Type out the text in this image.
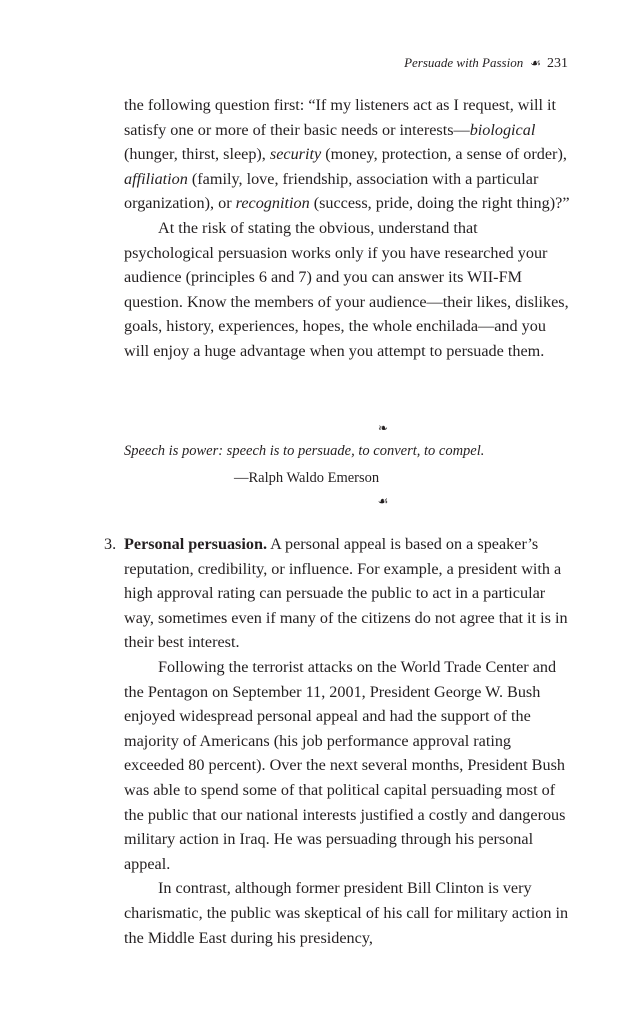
Persuade with Passion ☙ 231

the following question first: “If my listeners act as I request, will it satisfy one or more of their basic needs or interests—biological (hunger, thirst, sleep), security (money, protection, a sense of order), affiliation (family, love, friendship, association with a particular organization), or recognition (success, pride, doing the right thing)?”

At the risk of stating the obvious, understand that psychological persuasion works only if you have researched your audience (principles 6 and 7) and you can answer its WII-FM question. Know the members of your audience—their likes, dislikes, goals, history, experiences, hopes, the whole enchilada—and you will enjoy a huge advantage when you attempt to persuade them.

❧
Speech is power: speech is to persuade, to convert, to compel.
—Ralph Waldo Emerson
☙
3. Personal persuasion. A personal appeal is based on a speaker’s reputation, credibility, or influence. For example, a president with a high approval rating can persuade the public to act in a particular way, sometimes even if many of the citizens do not agree that it is in their best interest.

Following the terrorist attacks on the World Trade Center and the Pentagon on September 11, 2001, President George W. Bush enjoyed widespread personal appeal and had the support of the majority of Americans (his job performance approval rating exceeded 80 percent). Over the next several months, President Bush was able to spend some of that political capital persuading most of the public that our national interests justified a costly and dangerous military action in Iraq. He was persuading through his personal appeal.

In contrast, although former president Bill Clinton is very charismatic, the public was skeptical of his call for military action in the Middle East during his presidency,
